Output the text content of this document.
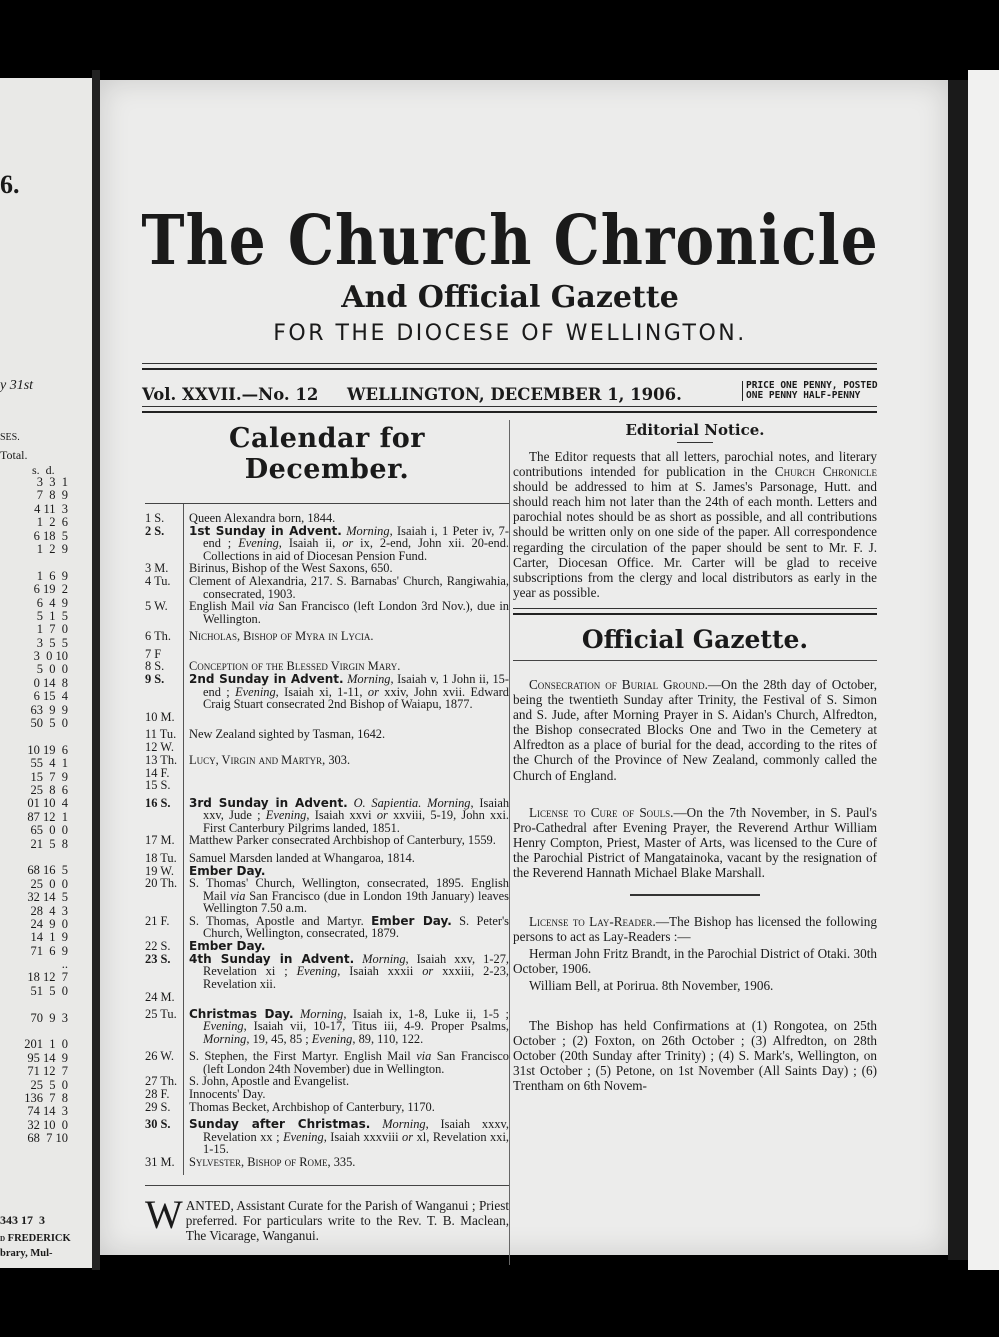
6.
y 31st
SES.
Total.
s.  d.
3  3  1
7  8  9
4 11  3
1  2  6
6 18  5
1  2  9
1  6  9
6 19  2
6  4  9
5  1  5
1  7  0
3  5  5
3  0 10
5  0  0
0 14  8
6 15  4
63  9  9
50  5  0
10 19  6
55  4  1
15  7  9
25  8  6
01 10  4
87 12  1
65  0  0
21  5  8
68 16  5
25  0  0
32 14  5
28  4  3
24  9  0
14  1  9
71  6  9
..
18 12  7
51  5  0
70  9  3
201  1  0
95 14  9
71 12  7
25  5  0
136  7  8
74 14  3
32 10  0
68  7 10
343 17  3
d FREDERICK
brary, Mul-
The Church Chronicle
And Official Gazette
FOR THE DIOCESE OF WELLINGTON.
Vol. XXVII.—No. 12 WELLINGTON, DECEMBER 1, 1906.	PRICE ONE PENNY, POSTED
ONE PENNY HALF-PENNY
Calendar for December.
1 S.	Queen Alexandra born, 1844.
2 S.	1st Sunday in Advent. Morning, Isaiah i, 1 Peter iv, 7-end ; Evening, Isaiah ii, or ix, 2-end, John xii. 20-end. Collections in aid of Diocesan Pension Fund.
3 M.	Birinus, Bishop of the West Saxons, 650.
4 Tu.	Clement of Alexandria, 217. S. Barnabas' Church, Rangiwahia, consecrated, 1903.
5 W.	English Mail via San Francisco (left London 3rd Nov.), due in Wellington.
6 Th.	Nicholas, Bishop of Myra in Lycia.
7 F
8 S.	Conception of the Blessed Virgin Mary.
9 S.	2nd Sunday in Advent. Morning, Isaiah v, 1 John ii, 15-end ; Evening, Isaiah xi, 1-11, or xxiv, John xvii. Edward Craig Stuart consecrated 2nd Bishop of Waiapu, 1877.
10 M.
11 Tu.	New Zealand sighted by Tasman, 1642.
12 W.
13 Th. Lucy, Virgin and Martyr, 303.
14 F.
15 S.
16 S.	3rd Sunday in Advent. O. Sapientia. Morning, Isaiah xxv, Jude ; Evening, Isaiah xxvi or xxviii, 5-19, John xxi. First Canterbury Pilgrims landed, 1851.
17 M.	Matthew Parker consecrated Archbishop of Canterbury, 1559.
18 Tu. Samuel Marsden landed at Whangaroa, 1814.
19 W.	Ember Day.
20 Th. S. Thomas' Church, Wellington, consecrated, 1895. English Mail via San Francisco (due in London 19th January) leaves Wellington 7.50 a.m.
21 F.	S. Thomas, Apostle and Martyr. Ember Day. S. Peter's Church, Wellington, consecrated, 1879.
22 S.	Ember Day.
23 S.	4th Sunday in Advent. Morning, Isaiah xxv, 1-27, Revelation xi ; Evening, Isaiah xxxii or xxxiii, 2-23, Revelation xii.
24 M.
25 Tu.	Christmas Day. Morning, Isaiah ix, 1-8, Luke ii, 1-5 ; Evening, Isaiah vii, 10-17, Titus iii, 4-9. Proper Psalms, Morning, 19, 45, 85 ; Evening, 89, 110, 122.
26 W.	S. Stephen, the First Martyr. English Mail via San Francisco (left London 24th November) due in Wellington.
27 Th. S. John, Apostle and Evangelist.
28 F.	Innocents' Day.
29 S.	Thomas Becket, Archbishop of Canterbury, 1170.
30 S.	Sunday after Christmas. Morning, Isaiah xxxv, Revelation xx ; Evening, Isaiah xxxviii or xl, Revelation xxi, 1-15.
31 M.	Sylvester, Bishop of Rome, 335.
W ANTED, Assistant Curate for the Parish of Wanganui ; Priest preferred. For particulars write to the Rev. T. B. Maclean, The Vicarage, Wanganui.
Editorial Notice.

The Editor requests that all letters, parochial notes, and literary contributions intended for publication in the Church Chronicle should be addressed to him at S. James's Parsonage, Hutt. and should reach him not later than the 24th of each month. Letters and parochial notes should be as short as possible, and all contributions should be written only on one side of the paper. All correspondence regarding the circulation of the paper should be sent to Mr. F. J. Carter, Diocesan Office. Mr. Carter will be glad to receive subscriptions from the clergy and local distributors as early in the year as possible.

Official Gazette.

Consecration of Burial Ground.—On the 28th day of October, being the twentieth Sunday after Trinity, the Festival of S. Simon and S. Jude, after Morning Prayer in S. Aidan's Church, Alfredton, the Bishop consecrated Blocks One and Two in the Cemetery at Alfredton as a place of burial for the dead, according to the rites of the Church of the Province of New Zealand, commonly called the Church of England.

License to Cure of Souls.—On the 7th November, in S. Paul's Pro-Cathedral after Evening Prayer, the Reverend Arthur William Henry Compton, Priest, Master of Arts, was licensed to the Cure of the Parochial Pistrict of Mangatainoka, vacant by the resignation of the Reverend Hannath Michael Blake Marshall.

License to Lay-Reader.—The Bishop has licensed the following persons to act as Lay-Readers :—

Herman John Fritz Brandt, in the Parochial District of Otaki. 30th October, 1906.

William Bell, at Porirua. 8th November, 1906.

The Bishop has held Confirmations at (1) Rongotea, on 25th October ; (2) Foxton, on 26th October ; (3) Alfredton, on 28th October (20th Sunday after Trinity) ; (4) S. Mark's, Wellington, on 31st October ; (5) Petone, on 1st November (All Saints Day) ; (6) Trentham on 6th Novem-
